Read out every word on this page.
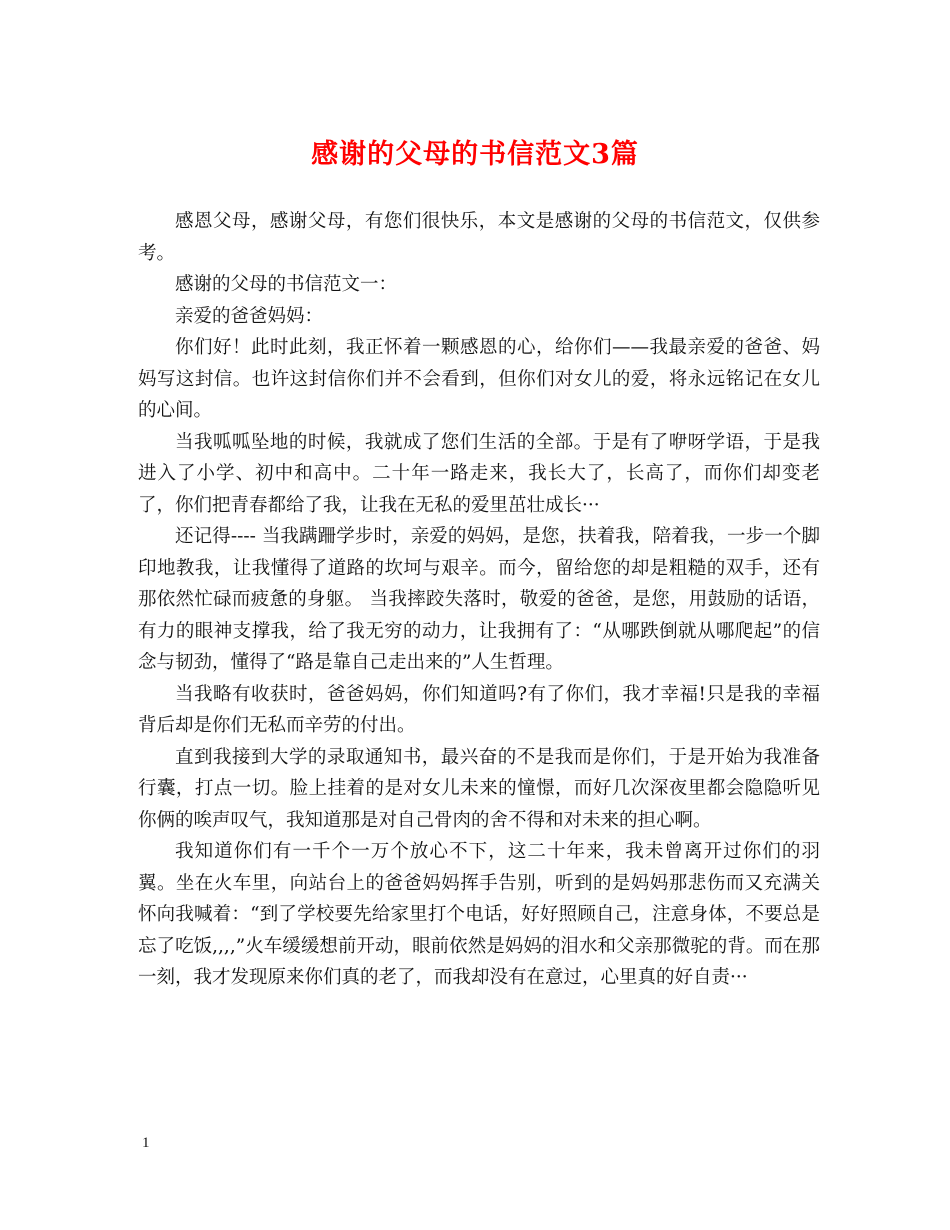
感谢的父母的书信范文3篇

感恩父母，感谢父母，有您们很快乐，本文是感谢的父母的书信范文，仅供参考。

感谢的父母的书信范文一：

亲爱的爸爸妈妈：

你们好！此时此刻，我正怀着一颗感恩的心，给你们——我最亲爱的爸爸、妈妈写这封信。也许这封信你们并不会看到，但你们对女儿的爱，将永远铭记在女儿的心间。

当我呱呱坠地的时候，我就成了您们生活的全部。于是有了咿呀学语，于是我进入了小学、初中和高中。二十年一路走来，我长大了，长高了，而你们却变老了，你们把青春都给了我，让我在无私的爱里茁壮成长···

还记得---- 当我蹒跚学步时，亲爱的妈妈，是您，扶着我，陪着我，一步一个脚印地教我，让我懂得了道路的坎坷与艰辛。而今，留给您的却是粗糙的双手，还有那依然忙碌而疲惫的身躯。 当我摔跤失落时，敬爱的爸爸，是您，用鼓励的话语，有力的眼神支撑我，给了我无穷的动力，让我拥有了：“从哪跌倒就从哪爬起”的信念与韧劲，懂得了“路是靠自己走出来的”人生哲理。

当我略有收获时，爸爸妈妈，你们知道吗?有了你们，我才幸福!只是我的幸福背后却是你们无私而辛劳的付出。

直到我接到大学的录取通知书，最兴奋的不是我而是你们，于是开始为我准备行囊，打点一切。脸上挂着的是对女儿未来的憧憬，而好几次深夜里都会隐隐听见你俩的唉声叹气，我知道那是对自己骨肉的舍不得和对未来的担心啊。

我知道你们有一千个一万个放心不下，这二十年来，我未曾离开过你们的羽翼。坐在火车里，向站台上的爸爸妈妈挥手告别，听到的是妈妈那悲伤而又充满关怀向我喊着：“到了学校要先给家里打个电话，好好照顾自己，注意身体，不要总是忘了吃饭,,,,”火车缓缓想前开动，眼前依然是妈妈的泪水和父亲那微驼的背。而在那一刻，我才发现原来你们真的老了，而我却没有在意过，心里真的好自责···

1
